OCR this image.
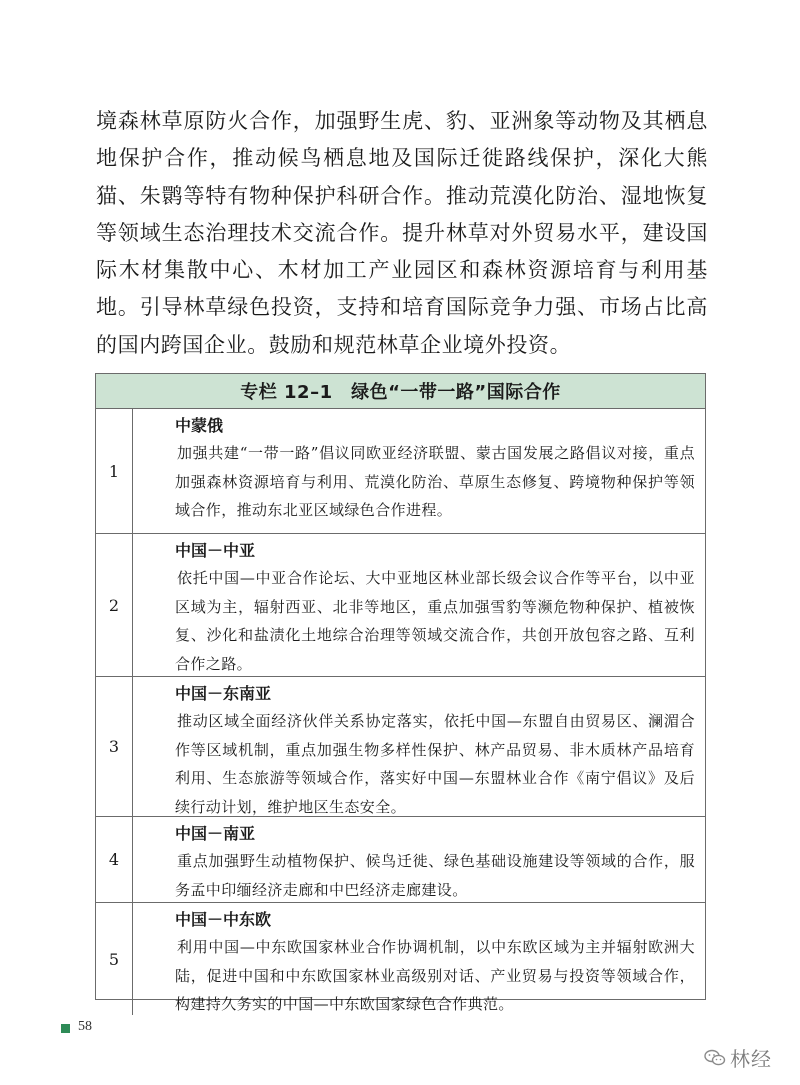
境森林草原防火合作，加强野生虎、豹、亚洲象等动物及其栖息地保护合作，推动候鸟栖息地及国际迁徙路线保护，深化大熊猫、朱鹮等特有物种保护科研合作。推动荒漠化防治、湿地恢复等领域生态治理技术交流合作。提升林草对外贸易水平，建设国际木材集散中心、木材加工产业园区和森林资源培育与利用基地。引导林草绿色投资，支持和培育国际竞争力强、市场占比高的国内跨国企业。鼓励和规范林草企业境外投资。

专栏 12–1　绿色“一带一路”国际合作
1
中蒙俄
加强共建“一带一路”倡议同欧亚经济联盟、蒙古国发展之路倡议对接，重点加强森林资源培育与利用、荒漠化防治、草原生态修复、跨境物种保护等领域合作，推动东北亚区域绿色合作进程。
2
中国－中亚
依托中国—中亚合作论坛、大中亚地区林业部长级会议合作等平台，以中亚区域为主，辐射西亚、北非等地区，重点加强雪豹等濒危物种保护、植被恢复、沙化和盐渍化土地综合治理等领域交流合作，共创开放包容之路、互利合作之路。
3
中国－东南亚
推动区域全面经济伙伴关系协定落实，依托中国—东盟自由贸易区、澜湄合作等区域机制，重点加强生物多样性保护、林产品贸易、非木质林产品培育利用、生态旅游等领域合作，落实好中国—东盟林业合作《南宁倡议》及后续行动计划，维护地区生态安全。
4
中国－南亚
重点加强野生动植物保护、候鸟迁徙、绿色基础设施建设等领域的合作，服务孟中印缅经济走廊和中巴经济走廊建设。
5
中国－中东欧
利用中国—中东欧国家林业合作协调机制，以中东欧区域为主并辐射欧洲大陆，促进中国和中东欧国家林业高级别对话、产业贸易与投资等领域合作，构建持久务实的中国—中东欧国家绿色合作典范。
58
林经
